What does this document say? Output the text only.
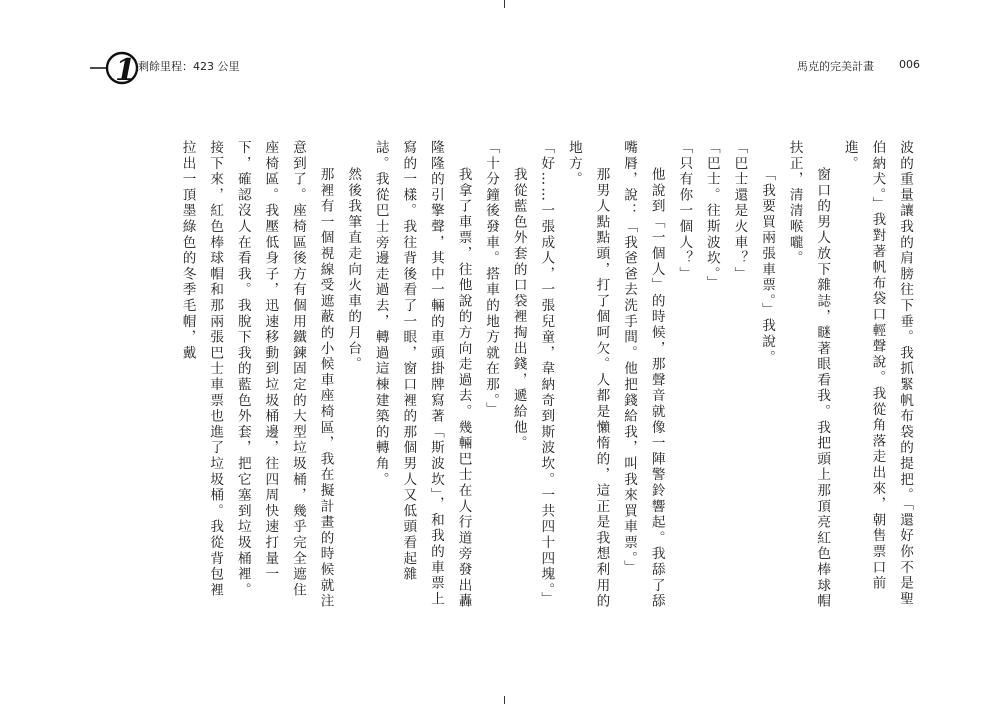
1 剩餘里程：423 公里	馬克的完美計畫 006

波的重量讓我的肩膀往下垂。我抓緊帆布袋的提把。「還好你不是聖伯納犬。」我對著帆布袋口輕聲說。我從角落走出來，朝售票口前進。

窗口的男人放下雜誌，瞇著眼看我。我把頭上那頂亮紅色棒球帽扶正，清清喉嚨。

「我要買兩張車票。」我說。

「巴士還是火車？」

「巴士。往斯波坎。」

「只有你一個人？」

他說到「一個人」的時候，那聲音就像一陣警鈴響起。我舔了舔嘴脣，說：「我爸爸去洗手間。他把錢給我，叫我來買車票。」

那男人點點頭，打了個呵欠。人都是懶惰的，這正是我想利用的地方。

「好……一張成人，一張兒童，韋納奇到斯波坎。一共四十四塊。」

我從藍色外套的口袋裡掏出錢，遞給他。

「十分鐘後發車。搭車的地方就在那。」

我拿了車票，往他說的方向走過去。幾輛巴士在人行道旁發出轟隆隆的引擎聲，其中一輛的車頭掛牌寫著「斯波坎」，和我的車票上寫的一樣。我往背後看了一眼，窗口裡的那個男人又低頭看起雜誌。我從巴士旁邊走過去，轉過這棟建築的轉角。

然後我筆直走向火車的月台。

那裡有一個視線受遮蔽的小候車座椅區，我在擬計畫的時候就注意到了。座椅區後方有個用鐵鍊固定的大型垃圾桶，幾乎完全遮住座椅區。我壓低身子，迅速移動到垃圾桶邊，往四周快速打量一下，確認沒人在看我。我脫下我的藍色外套，把它塞到垃圾桶裡。接下來，紅色棒球帽和那兩張巴士車票也進了垃圾桶。我從背包裡拉出一頂墨綠色的冬季毛帽，戴
